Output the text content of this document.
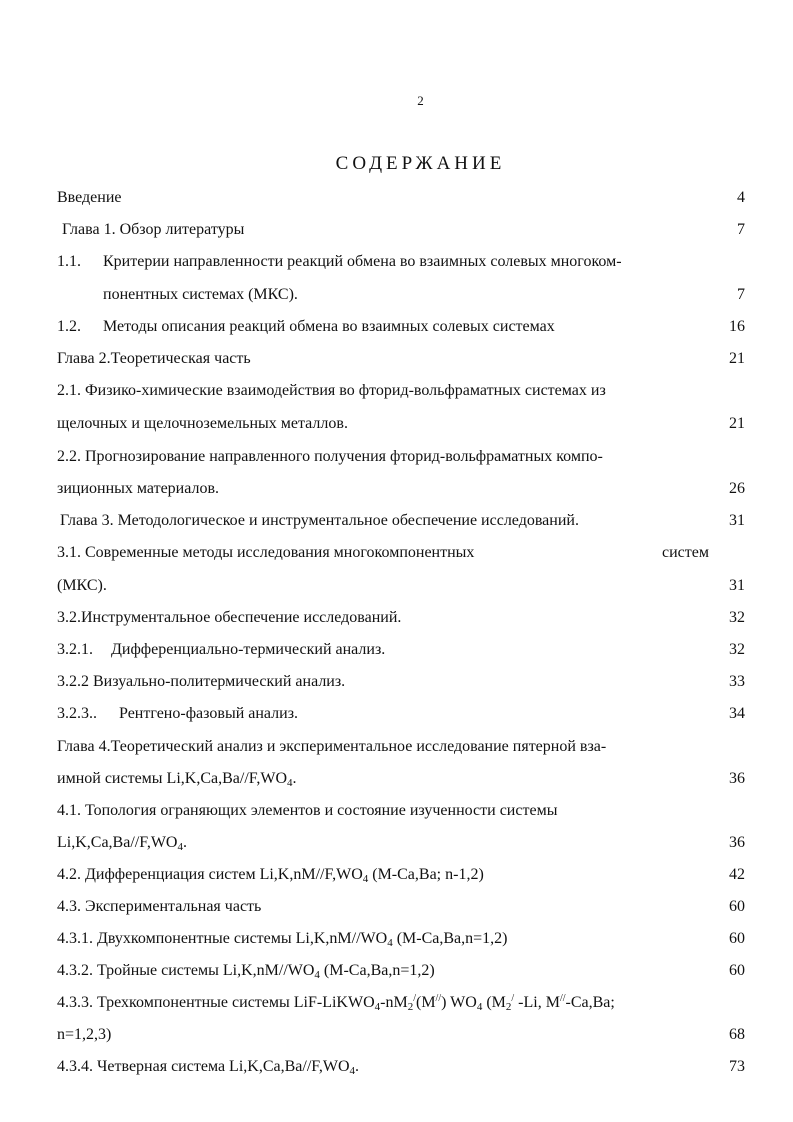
2
СОДЕРЖАНИЕ
Введение	4
Глава 1. Обзор литературы	7
1.1. Критерии направленности реакций обмена во взаимных солевых многоком-
понентных системах (МКС).	7
1.2. Методы описания реакций обмена во взаимных солевых системах	16
Глава 2.Теоретическая часть	21
2.1. Физико-химические взаимодействия во фторид-вольфраматных системах из
щелочных и щелочноземельных металлов.	21
2.2. Прогнозирование направленного получения фторид-вольфраматных компо-
зиционных материалов.	26
Глава 3. Методологическое и инструментальное обеспечение исследований.	31
3.1. Современные методы исследования многокомпонентных	систем
(МКС).	31
3.2.Инструментальное обеспечение исследований.	32
3.2.1. Дифференциально-термический анализ.	32
3.2.2 Визуально-политермический анализ.	33
3.2.3.. Рентгено-фазовый анализ.	34
Глава 4.Теоретический анализ и экспериментальное исследование пятерной вза-
имной системы $Li,K,Ca,Ba//F,WO_4$.	36
4.1. Топология ограняющих элементов и состояние изученности системы
$Li,K,Ca,Ba//F,WO_4$.	36
4.2. Дифференциация систем $Li,K,nM//F,WO_4$ (M-Ca,Ba; n-1,2)	42
4.3. Экспериментальная часть	60
4.3.1. Двухкомпонентные системы $Li,K,nM//WO_4$ (M-Ca,Ba,n=1,2)	60
4.3.2. Тройные системы $Li,K,nM//WO_4$ (M-Ca,Ba,n=1,2)	60
4.3.3. Трехкомпонентные системы LiF-$LiKWO_4-nM_2^/(M^{//})$ $WO_4$ ($M_2^/$ -Li, M//-Ca,Ba;
n=1,2,3)	68
4.3.4. Четверная система $Li,K,Ca,Ba//F,WO_4$.	73
